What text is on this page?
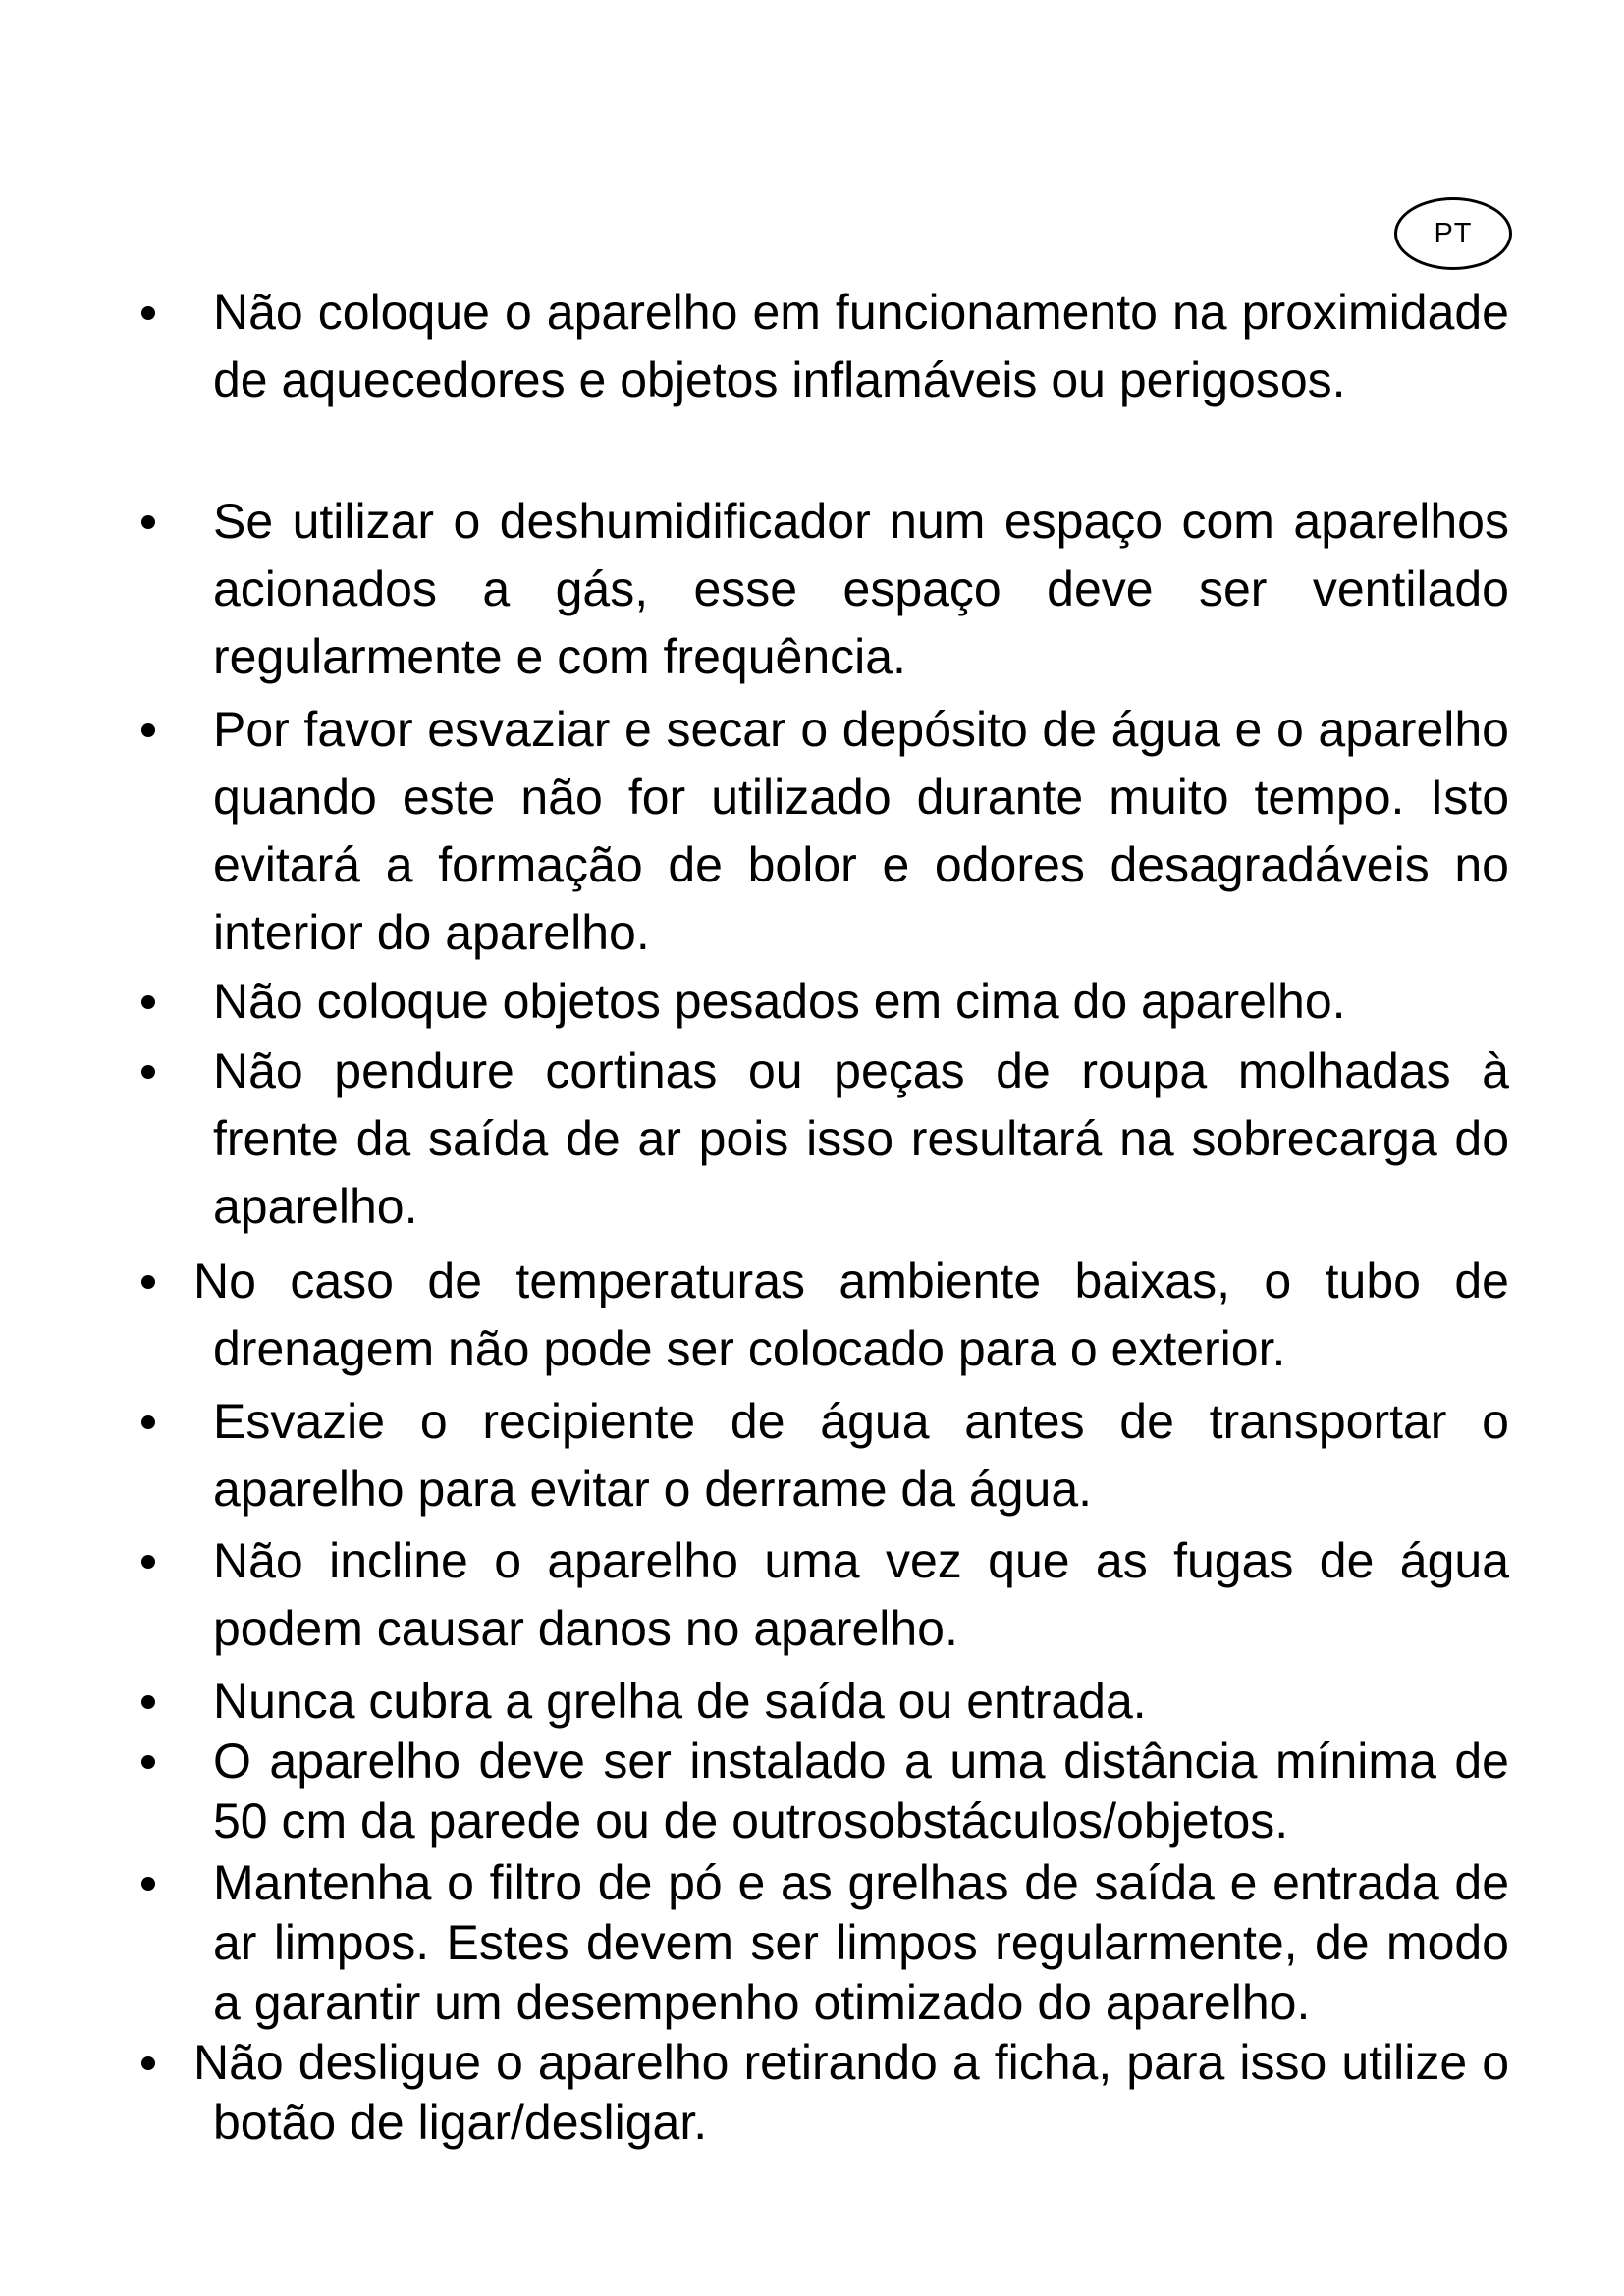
PT

Não coloque o aparelho em funcionamento na proximidade de aquecedores e objetos inflamáveis ou perigosos.

Se utilizar o deshumidificador num espaço com aparelhos acionados a gás, esse espaço deve ser ventilado regularmente e com frequência.

Por favor esvaziar e secar o depósito de água e o aparelho quando este não for utilizado durante muito tempo. Isto evitará a formação de bolor e odores desagradáveis no interior do aparelho.

Não coloque objetos pesados em cima do aparelho.

Não pendure cortinas ou peças de roupa molhadas à frente da saída de ar pois isso resultará na sobrecarga do aparelho.

No caso de temperaturas ambiente baixas, o tubo de drenagem não pode ser colocado para o exterior.

Esvazie o recipiente de água antes de transportar o aparelho para evitar o derrame da água.

Não incline o aparelho uma vez que as fugas de água podem causar danos no aparelho.

Nunca cubra a grelha de saída ou entrada.

O aparelho deve ser instalado a uma distância mínima de 50 cm da parede ou de outrosobstáculos/objetos.

Mantenha o filtro de pó e as grelhas de saída e entrada de ar limpos. Estes devem ser limpos regularmente, de modo a garantir um desempenho otimizado do aparelho.

Não desligue o aparelho retirando a ficha, para isso utilize o botão de ligar/desligar.
